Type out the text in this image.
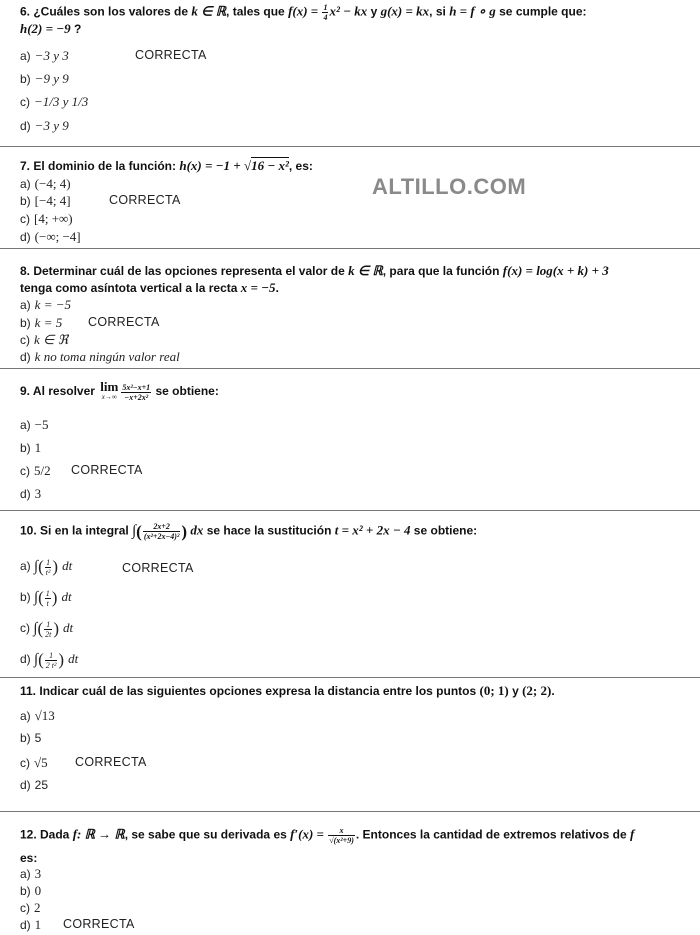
ALTILLO.COM
6. ¿Cuáles son los valores de k ∈ ℝ, tales que $f(x) = \frac{1}{4} x^2$ − kx y g(x) = kx, si h = f ∘ g se cumple que:
h(2) = −9 ?
a) −3 y 3	CORRECTA
b) −9 y 9
c) −1/3 y 1/3
d) −3 y 9
7. El dominio de la función: h(x) = −1 + √16 − x², es:
a) (−4; 4)
b) [−4; 4]	CORRECTA
c) [4; +∞)
d) (−∞; −4]
8. Determinar cuál de las opciones representa el valor de k ∈ ℝ, para que la función f(x) = log(x + k) + 3
tenga como asíntota vertical a la recta x = −5.
a) k = −5
b) k = 5 CORRECTA
c) k ∈ ℜ
d) k no toma ningún valor real
9. Al resolver lim
$x\to\infty \frac{\text{5x²−x+1}}{\text{−x+2x²}}$ se obtiene:
a) −5
b) 1
c) 5/2 CORRECTA
d) 3
10. Si en la integral ∫( $\frac{2x+2}{\text{(x²+2x−4)²}}$ ) dx se hace la sustitución t = x² + 2x − 4 se obtiene:
a) ∫( $\frac{1}{\text{t²}}$ ) dt	CORRECTA
b) ∫( $\frac{1}{t}$ ) dt
c) ∫( $\frac{1}{2t}$ ) dt
d) ∫( $\frac{1}{\text{2 t²}}$ ) dt
11. Indicar cuál de las siguientes opciones expresa la distancia entre los puntos (0; 1) y (2; 2).
a) √13
b) 5
c) √5 CORRECTA
d) 25
12. Dada f: ℝ → ℝ, se sabe que su derivada es $f'(x) = \frac{x}{\text{√(x²+9)}}$ . Entonces la cantidad de extremos relativos de f
es:
a) 3
b) 0
c) 2
d) 1 CORRECTA
